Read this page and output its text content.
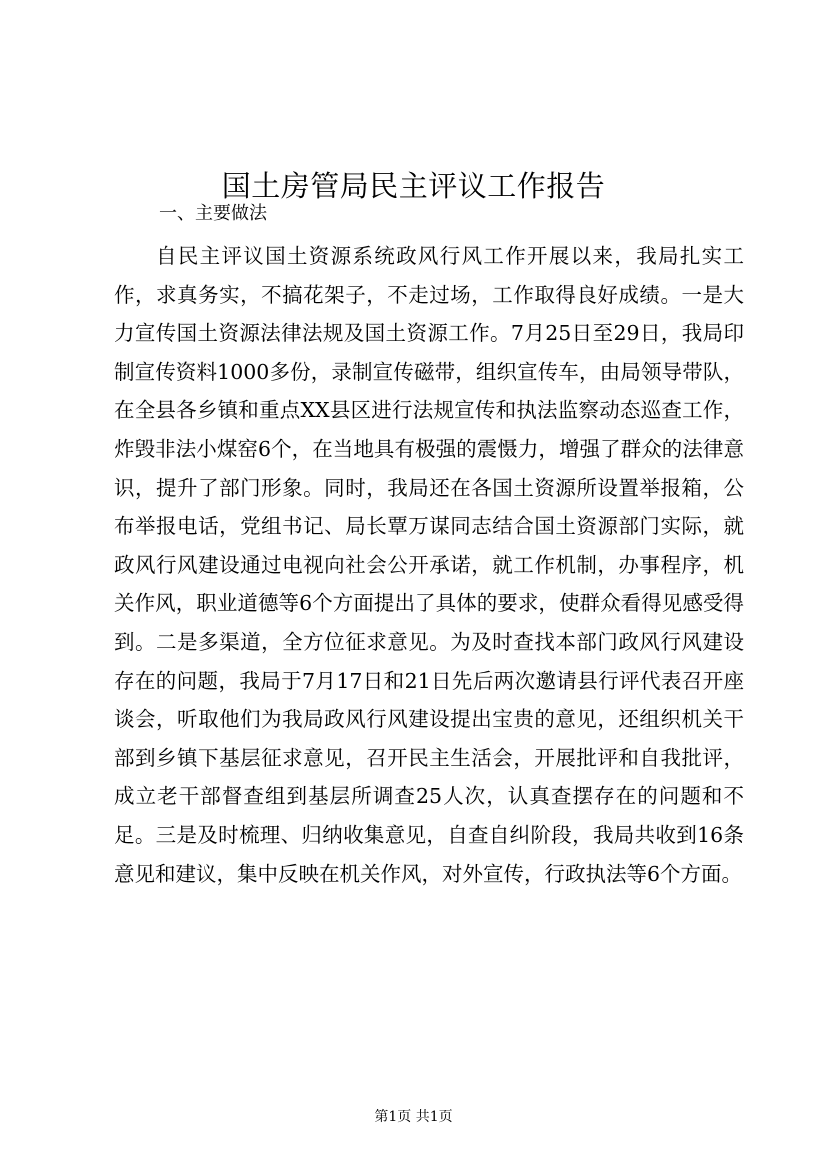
国土房管局民主评议工作报告
一、主要做法

自民主评议国土资源系统政风行风工作开展以来，我局扎实工作，求真务实，不搞花架子，不走过场，工作取得良好成绩。一是大力宣传国土资源法律法规及国土资源工作。7月25日至29日，我局印制宣传资料1000多份，录制宣传磁带，组织宣传车，由局领导带队，在全县各乡镇和重点XX县区进行法规宣传和执法监察动态巡查工作，炸毁非法小煤窑6个，在当地具有极强的震慑力，增强了群众的法律意识，提升了部门形象。同时，我局还在各国土资源所设置举报箱，公布举报电话，党组书记、局长覃万谋同志结合国土资源部门实际，就政风行风建设通过电视向社会公开承诺，就工作机制，办事程序，机关作风，职业道德等6个方面提出了具体的要求，使群众看得见感受得到。二是多渠道，全方位征求意见。为及时查找本部门政风行风建设存在的问题，我局于7月17日和21日先后两次邀请县行评代表召开座谈会，听取他们为我局政风行风建设提出宝贵的意见，还组织机关干部到乡镇下基层征求意见，召开民主生活会，开展批评和自我批评，成立老干部督查组到基层所调查25人次，认真查摆存在的问题和不足。三是及时梳理、归纳收集意见，自查自纠阶段，我局共收到16条意见和建议，集中反映在机关作风，对外宣传，行政执法等6个方面。

第1页 共1页
